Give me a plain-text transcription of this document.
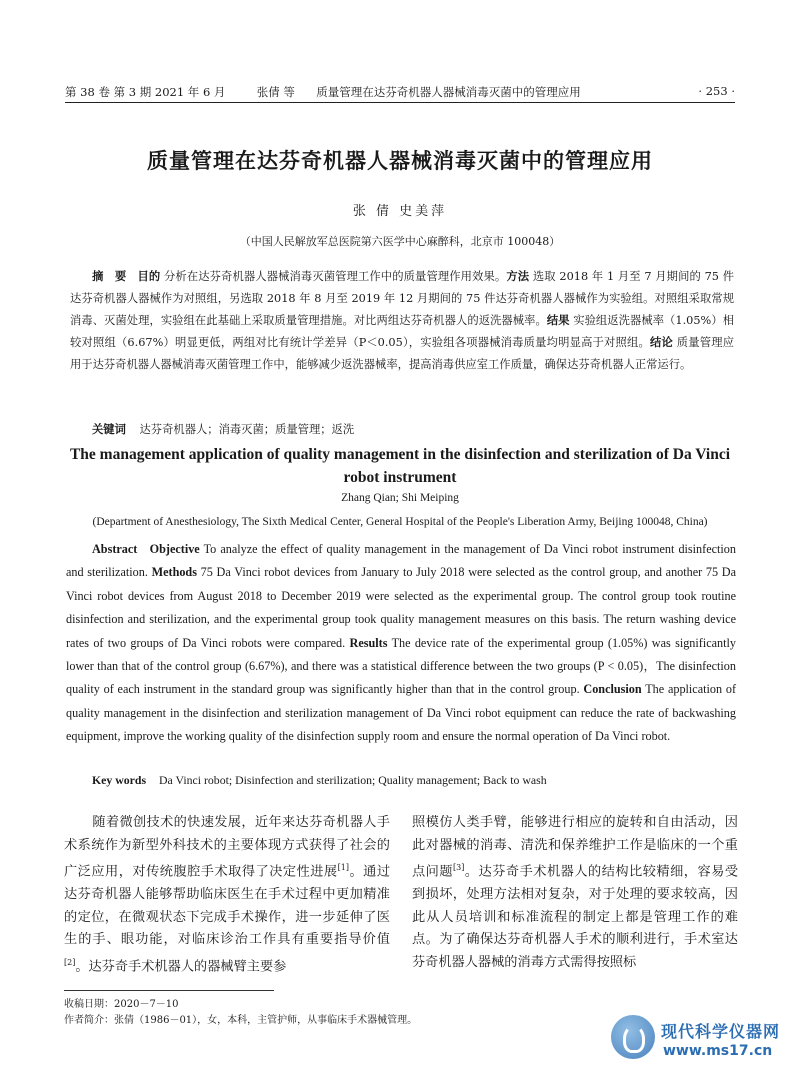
第 38 卷 第 3 期 2021 年 6 月	张倩 等 质量管理在达芬奇机器人器械消毒灭菌中的管理应用	· 253 ·
质量管理在达芬奇机器人器械消毒灭菌中的管理应用
张 倩 史美萍
（中国人民解放军总医院第六医学中心麻醉科，北京市 100048）
摘　要 目的 分析在达芬奇机器人器械消毒灭菌管理工作中的质量管理作用效果。方法 选取 2018 年 1 月至 7 月期间的 75 件达芬奇机器人器械作为对照组，另选取 2018 年 8 月至 2019 年 12 月期间的 75 件达芬奇机器人器械作为实验组。对照组采取常规消毒、灭菌处理，实验组在此基础上采取质量管理措施。对比两组达芬奇机器人的返洗器械率。结果 实验组返洗器械率（1.05%）相较对照组（6.67%）明显更低，两组对比有统计学差异（P＜0.05），实验组各项器械消毒质量均明显高于对照组。结论 质量管理应用于达芬奇机器人器械消毒灭菌管理工作中，能够减少返洗器械率，提高消毒供应室工作质量，确保达芬奇机器人正常运行。
关键词 达芬奇机器人；消毒灭菌；质量管理；返洗
The management application of quality management in the disinfection and sterilization of Da Vinci robot instrument
Zhang Qian; Shi Meiping
(Department of Anesthesiology, The Sixth Medical Center, General Hospital of the People's Liberation Army, Beijing 100048, China)
Abstract Objective To analyze the effect of quality management in the management of Da Vinci robot instrument disinfection and sterilization. Methods 75 Da Vinci robot devices from January to July 2018 were selected as the control group, and another 75 Da Vinci robot devices from August 2018 to December 2019 were selected as the experimental group. The control group took routine disinfection and sterilization, and the experimental group took quality management measures on this basis. The return washing device rates of two groups of Da Vinci robots were compared. Results The device rate of the experimental group (1.05%) was significantly lower than that of the control group (6.67%), and there was a statistical difference between the two groups (P < 0.05)，The disinfection quality of each instrument in the standard group was significantly higher than that in the control group. Conclusion The application of quality management in the disinfection and sterilization management of Da Vinci robot equipment can reduce the rate of backwashing equipment, improve the working quality of the disinfection supply room and ensure the normal operation of Da Vinci robot.
Key words Da Vinci robot; Disinfection and sterilization; Quality management; Back to wash
随着微创技术的快速发展，近年来达芬奇机器人手术系统作为新型外科技术的主要体现方式获得了社会的广泛应用，对传统腹腔手术取得了决定性进展[1]。通过达芬奇机器人能够帮助临床医生在手术过程中更加精准的定位，在微观状态下完成手术操作，进一步延伸了医生的手、眼功能，对临床诊治工作具有重要指导价值[2]。达芬奇手术机器人的器械臂主要参
照模仿人类手臂，能够进行相应的旋转和自由活动，因此对器械的消毒、清洗和保养维护工作是临床的一个重点问题[3]。达芬奇手术机器人的结构比较精细，容易受到损坏，处理方法相对复杂，对于处理的要求较高，因此从人员培训和标准流程的制定上都是管理工作的难点。为了确保达芬奇机器人手术的顺利进行，手术室达芬奇机器人器械的消毒方式需得按照标
收稿日期：2020－7－10
作者简介：张倩（1986－01），女，本科，主管护师，从事临床手术器械管理。
现代科学仪器网
www.ms17.cn
